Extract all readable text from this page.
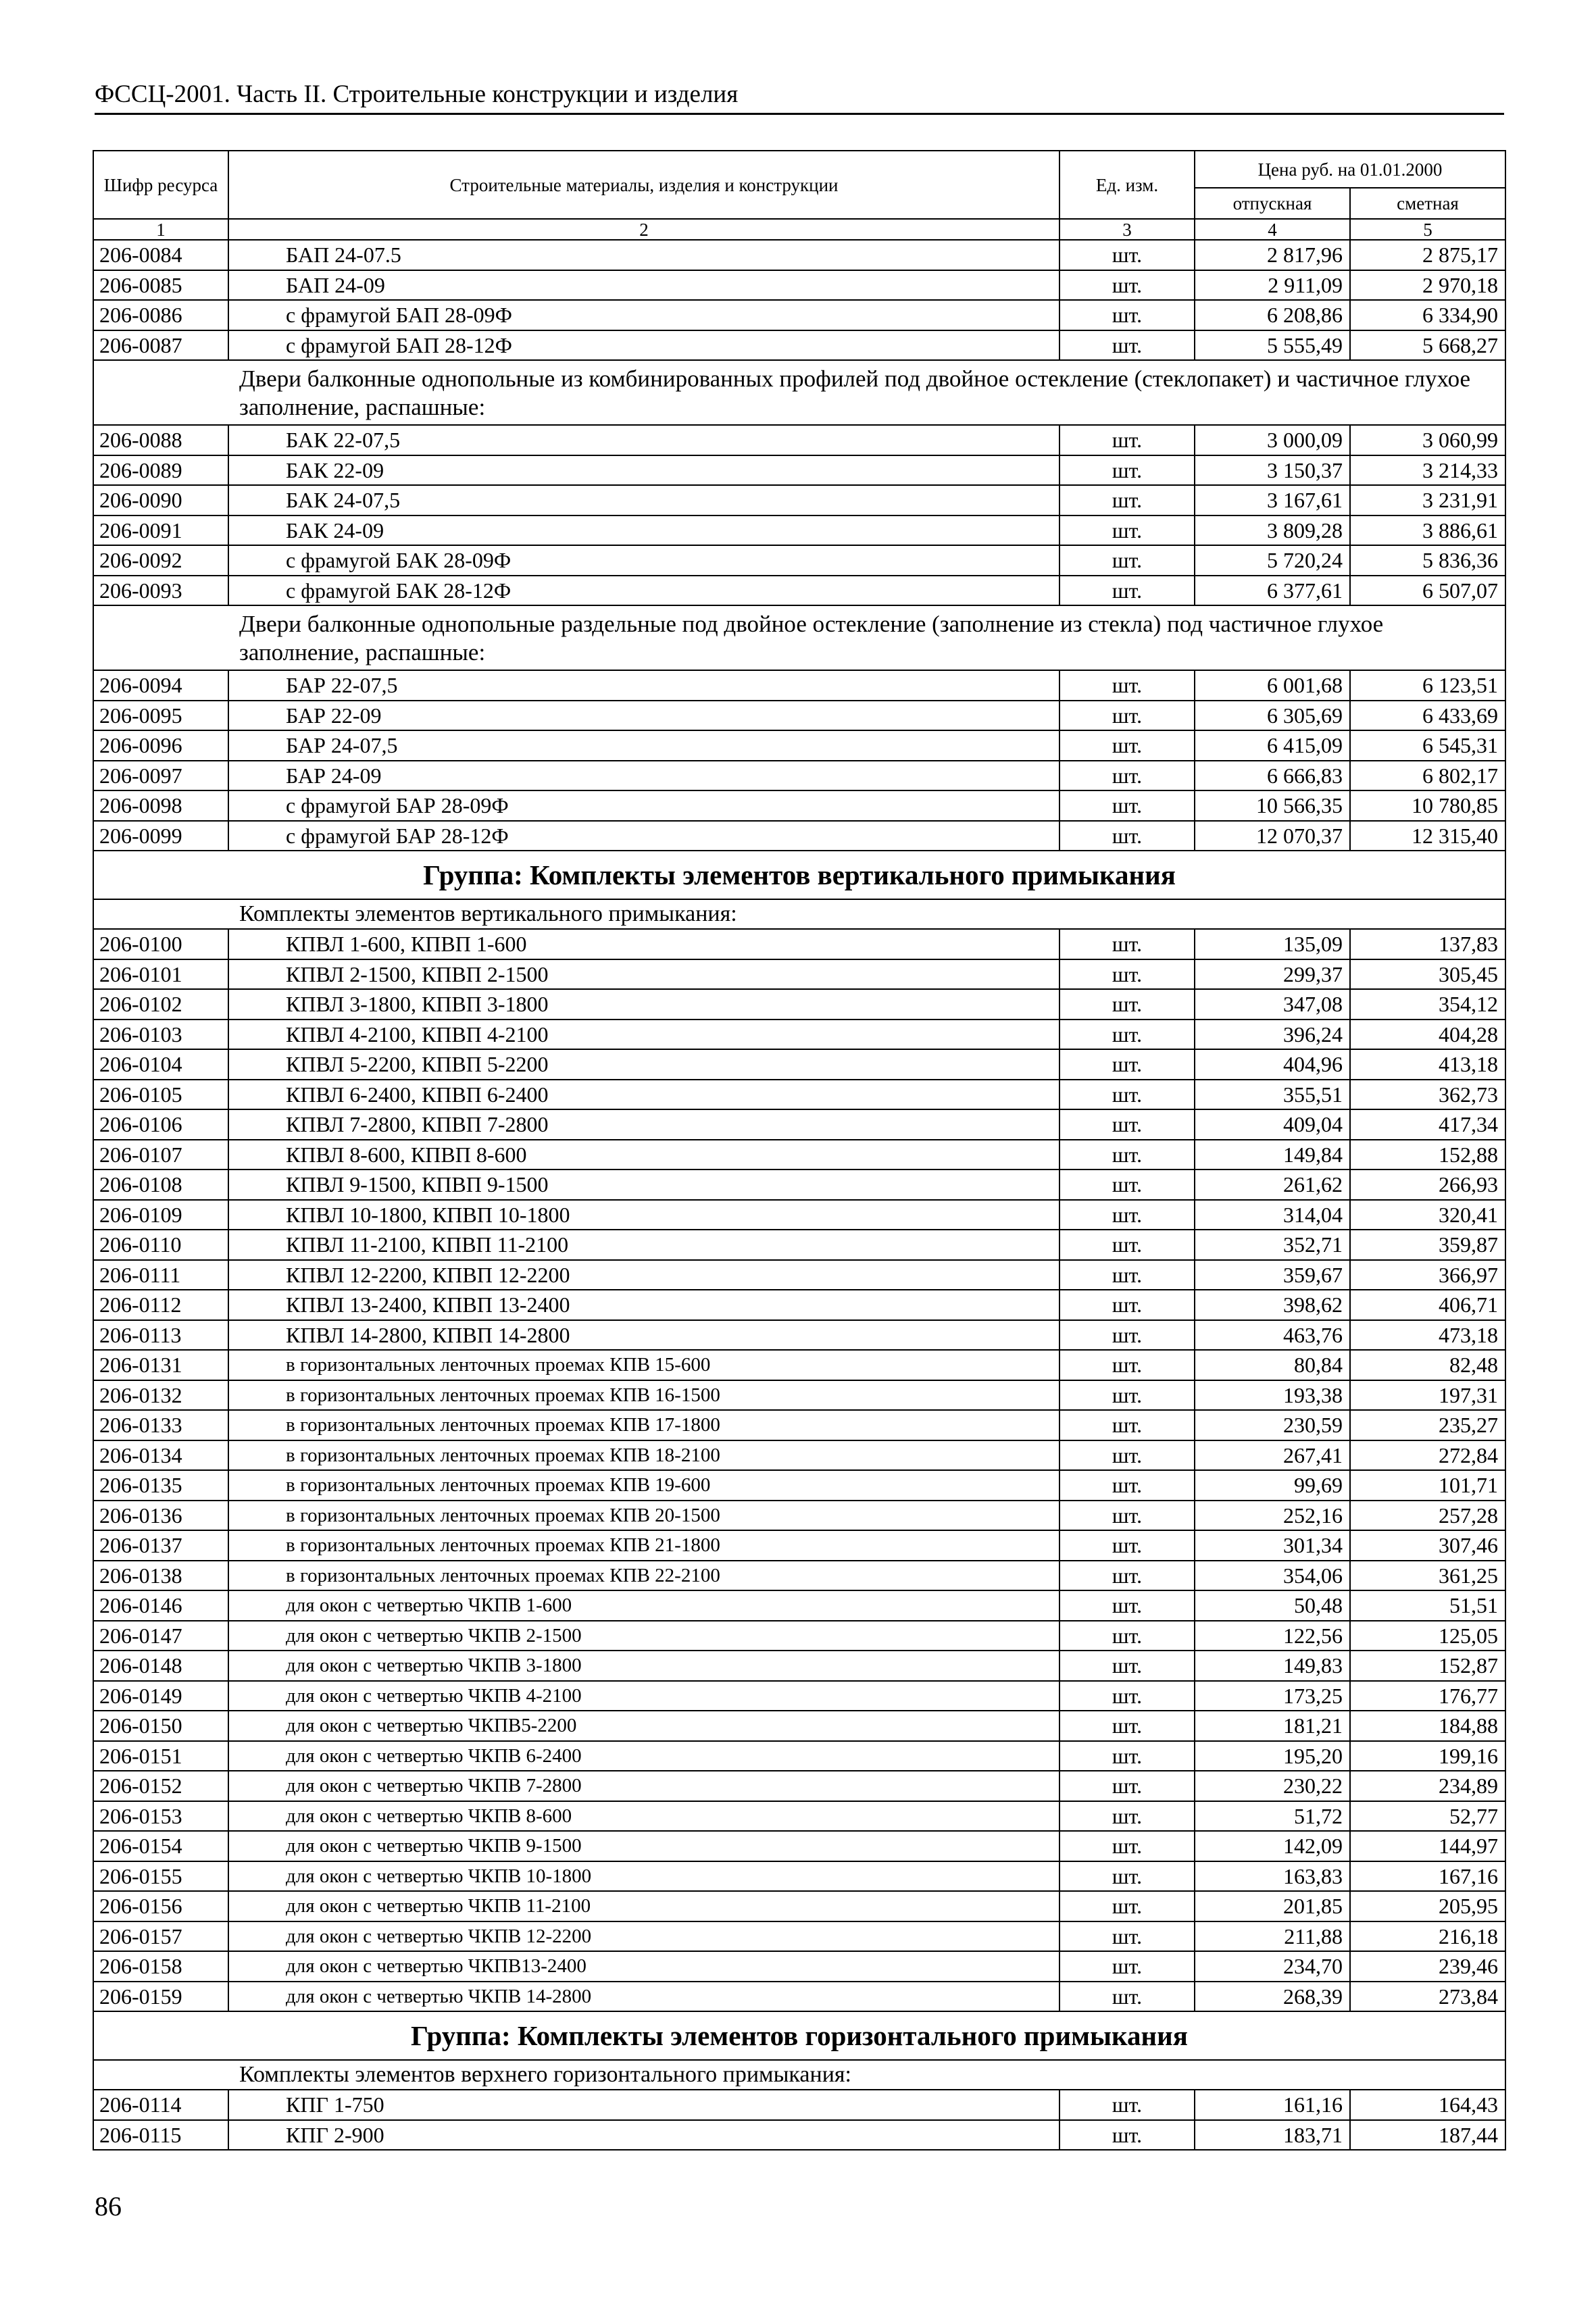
ФССЦ-2001. Часть II. Строительные конструкции и изделия
Шифр ресурса	Строительные материалы, изделия и конструкции	Ед. изм.	Цена руб. на 01.01.2000	
			отпускная	сметная
1	2	3	4	5
206-0084	БАП 24-07.5	шт.	2 817,96	2 875,17
206-0085	БАП 24-09	шт.	2 911,09	2 970,18
206-0086	с фрамугой БАП 28-09Ф	шт.	6 208,86	6 334,90
206-0087	с фрамугой БАП 28-12Ф	шт.	5 555,49	5 668,27
Двери балконные однопольные из комбинированных профилей под двойное остекление (стеклопакет) и частичное глухое заполнение, распашные:				
206-0088	БАК 22-07,5	шт.	3 000,09	3 060,99
206-0089	БАК 22-09	шт.	3 150,37	3 214,33
206-0090	БАК 24-07,5	шт.	3 167,61	3 231,91
206-0091	БАК 24-09	шт.	3 809,28	3 886,61
206-0092	с фрамугой БАК 28-09Ф	шт.	5 720,24	5 836,36
206-0093	с фрамугой БАК 28-12Ф	шт.	6 377,61	6 507,07
Двери балконные однопольные раздельные под двойное остекление (заполнение из стекла) под частичное глухое заполнение, распашные:				
206-0094	БАР 22-07,5	шт.	6 001,68	6 123,51
206-0095	БАР 22-09	шт.	6 305,69	6 433,69
206-0096	БАР 24-07,5	шт.	6 415,09	6 545,31
206-0097	БАР 24-09	шт.	6 666,83	6 802,17
206-0098	с фрамугой БАР 28-09Ф	шт.	10 566,35	10 780,85
206-0099	с фрамугой БАР 28-12Ф	шт.	12 070,37	12 315,40
Группа: Комплекты элементов вертикального примыкания				
Комплекты элементов вертикального примыкания:				
206-0100	КПВЛ 1-600, КПВП 1-600	шт.	135,09	137,83
206-0101	КПВЛ 2-1500, КПВП 2-1500	шт.	299,37	305,45
206-0102	КПВЛ 3-1800, КПВП 3-1800	шт.	347,08	354,12
206-0103	КПВЛ 4-2100, КПВП 4-2100	шт.	396,24	404,28
206-0104	КПВЛ 5-2200, КПВП 5-2200	шт.	404,96	413,18
206-0105	КПВЛ 6-2400, КПВП 6-2400	шт.	355,51	362,73
206-0106	КПВЛ 7-2800, КПВП 7-2800	шт.	409,04	417,34
206-0107	КПВЛ 8-600, КПВП 8-600	шт.	149,84	152,88
206-0108	КПВЛ 9-1500, КПВП 9-1500	шт.	261,62	266,93
206-0109	КПВЛ 10-1800, КПВП 10-1800	шт.	314,04	320,41
206-0110	КПВЛ 11-2100, КПВП 11-2100	шт.	352,71	359,87
206-0111	КПВЛ 12-2200, КПВП 12-2200	шт.	359,67	366,97
206-0112	КПВЛ 13-2400, КПВП 13-2400	шт.	398,62	406,71
206-0113	КПВЛ 14-2800, КПВП 14-2800	шт.	463,76	473,18
206-0131	в горизонтальных ленточных проемах КПВ 15-600	шт.	80,84	82,48
206-0132	в горизонтальных ленточных проемах КПВ 16-1500	шт.	193,38	197,31
206-0133	в горизонтальных ленточных проемах КПВ 17-1800	шт.	230,59	235,27
206-0134	в горизонтальных ленточных проемах КПВ 18-2100	шт.	267,41	272,84
206-0135	в горизонтальных ленточных проемах КПВ 19-600	шт.	99,69	101,71
206-0136	в горизонтальных ленточных проемах КПВ 20-1500	шт.	252,16	257,28
206-0137	в горизонтальных ленточных проемах КПВ 21-1800	шт.	301,34	307,46
206-0138	в горизонтальных ленточных проемах КПВ 22-2100	шт.	354,06	361,25
206-0146	для окон с четвертью ЧКПВ 1-600	шт.	50,48	51,51
206-0147	для окон с четвертью ЧКПВ 2-1500	шт.	122,56	125,05
206-0148	для окон с четвертью ЧКПВ 3-1800	шт.	149,83	152,87
206-0149	для окон с четвертью ЧКПВ 4-2100	шт.	173,25	176,77
206-0150	для окон с четвертью ЧКПВ5-2200	шт.	181,21	184,88
206-0151	для окон с четвертью ЧКПВ 6-2400	шт.	195,20	199,16
206-0152	для окон с четвертью ЧКПВ 7-2800	шт.	230,22	234,89
206-0153	для окон с четвертью ЧКПВ 8-600	шт.	51,72	52,77
206-0154	для окон с четвертью ЧКПВ 9-1500	шт.	142,09	144,97
206-0155	для окон с четвертью ЧКПВ 10-1800	шт.	163,83	167,16
206-0156	для окон с четвертью ЧКПВ 11-2100	шт.	201,85	205,95
206-0157	для окон с четвертью ЧКПВ 12-2200	шт.	211,88	216,18
206-0158	для окон с четвертью ЧКПВ13-2400	шт.	234,70	239,46
206-0159	для окон с четвертью ЧКПВ 14-2800	шт.	268,39	273,84
Группа: Комплекты элементов горизонтального примыкания				
Комплекты элементов верхнего горизонтального примыкания:				
206-0114	КПГ 1-750	шт.	161,16	164,43
206-0115	КПГ 2-900	шт.	183,71	187,44
86
